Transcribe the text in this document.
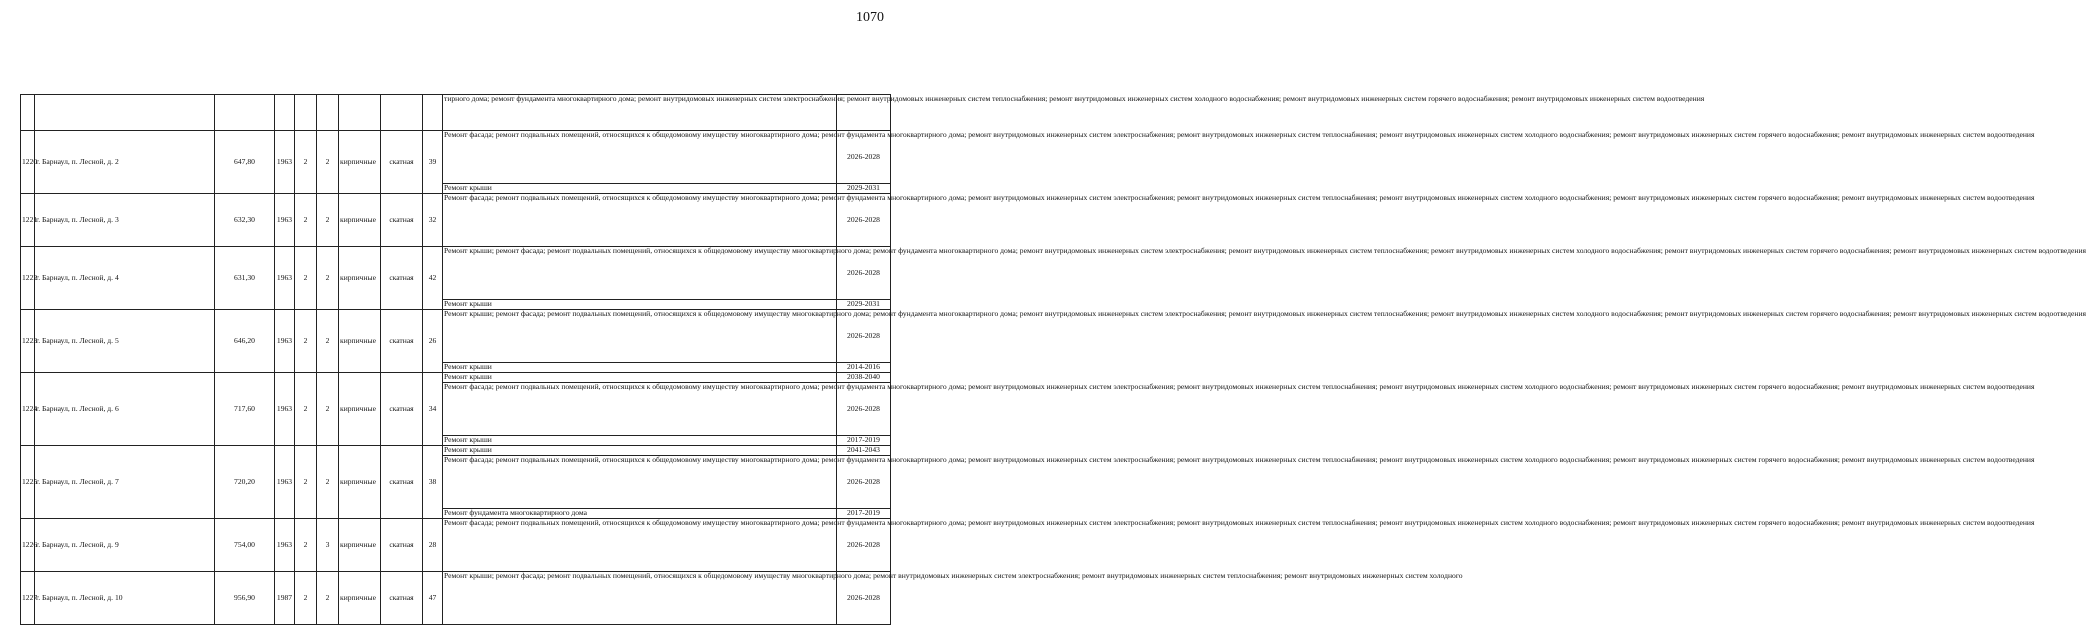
1070

									тирного дома; ремонт фундамента многоквартирного дома; ремонт внутридомовых инженерных систем электроснабжения; ремонт внутридомовых инженерных систем теплоснабжения; ремонт внутридомовых инженерных систем холодного водоснабжения; ремонт внутридомовых инженерных систем горячего водоснабжения; ремонт внутридомовых инженерных систем водоотведения	

1220	г. Барнаул, п. Лесной, д. 2	647,80	1963	2	2	кирпичные	скатная	39	Ремонт фасада; ремонт подвальных помещений, относящихся к общедомовому имуществу многоквартирного дома; ремонт фундамента многоквартирного дома; ремонт внутридомовых инженерных систем электроснабжения; ремонт внутридомовых инженерных систем теплоснабжения; ремонт внутридомовых инженерных систем холодного водоснабжения; ремонт внутридомовых инженерных систем горячего водоснабжения; ремонт внутридомовых инженерных систем водоотведения	2026-2028

									Ремонт крыши	2029-2031
1221	г. Барнаул, п. Лесной, д. 3	632,30	1963	2	2	кирпичные	скатная	32	Ремонт фасада; ремонт подвальных помещений, относящихся к общедомовому имуществу многоквартирного дома; ремонт фундамента многоквартирного дома; ремонт внутридомовых инженерных систем электроснабжения; ремонт внутридомовых инженерных систем теплоснабжения; ремонт внутридомовых инженерных систем холодного водоснабжения; ремонт внутридомовых инженерных систем горячего водоснабжения; ремонт внутридомовых инженерных систем водоотведения	2026-2028
1222	г. Барнаул, п. Лесной, д. 4	631,30	1963	2	2	кирпичные	скатная	42	Ремонт крыши; ремонт фасада; ремонт подвальных помещений, относящихся к общедомовому имуществу многоквартирного дома; ремонт фундамента многоквартирного дома; ремонт внутридомовых инженерных систем электроснабжения; ремонт внутридомовых инженерных систем теплоснабжения; ремонт внутридомовых инженерных систем холодного водоснабжения; ремонт внутридомовых инженерных систем горячего водоснабжения; ремонт внутридомовых инженерных систем водоотведения	2026-2028

									Ремонт крыши	2029-2031
1223	г. Барнаул, п. Лесной, д. 5	646,20	1963	2	2	кирпичные	скатная	26	Ремонт крыши; ремонт фасада; ремонт подвальных помещений, относящихся к общедомовому имуществу многоквартирного дома; ремонт фундамента многоквартирного дома; ремонт внутридомовых инженерных систем электроснабжения; ремонт внутридомовых инженерных систем теплоснабжения; ремонт внутридомовых инженерных систем холодного водоснабжения; ремонт внутридомовых инженерных систем горячего водоснабжения; ремонт внутридомовых инженерных систем водоотведения	2026-2028

									Ремонт крыши	2014-2016
1224	г. Барнаул, п. Лесной, д. 6	717,60	1963	2	2	кирпичные	скатная	34	Ремонт крыши	2038-2040

									Ремонт фасада; ремонт подвальных помещений, относящихся к общедомовому имуществу многоквартирного дома; ремонт фундамента многоквартирного дома; ремонт внутридомовых инженерных систем электроснабжения; ремонт внутридомовых инженерных систем теплоснабжения; ремонт внутридомовых инженерных систем холодного водоснабжения; ремонт внутридомовых инженерных систем горячего водоснабжения; ремонт внутридомовых инженерных систем водоотведения	2026-2028

									Ремонт крыши	2017-2019
1225	г. Барнаул, п. Лесной, д. 7	720,20	1963	2	2	кирпичные	скатная	38	Ремонт крыши	2041-2043

									Ремонт фасада; ремонт подвальных помещений, относящихся к общедомовому имуществу многоквартирного дома; ремонт фундамента многоквартирного дома; ремонт внутридомовых инженерных систем электроснабжения; ремонт внутридомовых инженерных систем теплоснабжения; ремонт внутридомовых инженерных систем холодного водоснабжения; ремонт внутридомовых инженерных систем горячего водоснабжения; ремонт внутридомовых инженерных систем водоотведения	2026-2028

									Ремонт фундамента многоквартирного дома	2017-2019
1226	г. Барнаул, п. Лесной, д. 9	754,00	1963	2	3	кирпичные	скатная	28	Ремонт фасада; ремонт подвальных помещений, относящихся к общедомовому имуществу многоквартирного дома; ремонт фундамента многоквартирного дома; ремонт внутридомовых инженерных систем электроснабжения; ремонт внутридомовых инженерных систем теплоснабжения; ремонт внутридомовых инженерных систем холодного водоснабжения; ремонт внутридомовых инженерных систем горячего водоснабжения; ремонт внутридомовых инженерных систем водоотведения	2026-2028
1227	г. Барнаул, п. Лесной, д. 10	956,90	1987	2	2	кирпичные	скатная	47	Ремонт крыши; ремонт фасада; ремонт подвальных помещений, относящихся к общедомовому имуществу многоквартирного дома; ремонт внутридомовых инженерных систем электроснабжения; ремонт внутридомовых инженерных систем теплоснабжения; ремонт внутридомовых инженерных систем холодного	2026-2028
